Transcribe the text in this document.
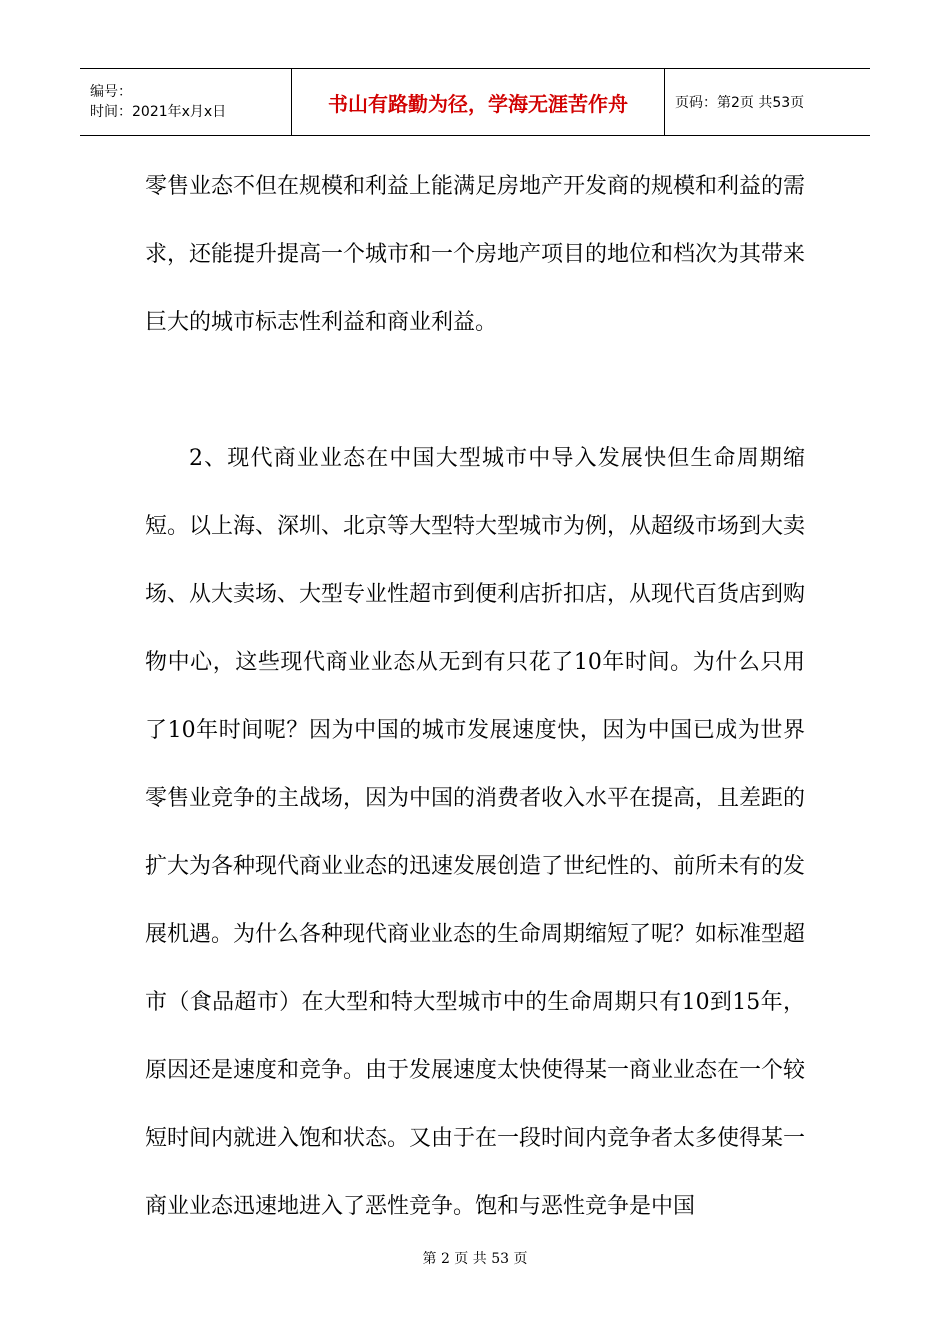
编号：
时间：2021年x月x日	书山有路勤为径，学海无涯苦作舟	页码：第2页 共53页

零售业态不但在规模和利益上能满足房地产开发商的规模和利益的需求，还能提升提高一个城市和一个房地产项目的地位和档次为其带来巨大的城市标志性利益和商业利益。

2、现代商业业态在中国大型城市中导入发展快但生命周期缩短。以上海、深圳、北京等大型特大型城市为例，从超级市场到大卖场、从大卖场、大型专业性超市到便利店折扣店，从现代百货店到购物中心，这些现代商业业态从无到有只花了10年时间。为什么只用了10年时间呢？因为中国的城市发展速度快，因为中国已成为世界零售业竞争的主战场，因为中国的消费者收入水平在提高，且差距的扩大为各种现代商业业态的迅速发展创造了世纪性的、前所未有的发展机遇。为什么各种现代商业业态的生命周期缩短了呢？如标准型超市（食品超市）在大型和特大型城市中的生命周期只有10到15年，原因还是速度和竞争。由于发展速度太快使得某一商业业态在一个较短时间内就进入饱和状态。又由于在一段时间内竞争者太多使得某一商业业态迅速地进入了恶性竞争。饱和与恶性竞争是中国

第 2 页 共 53 页
